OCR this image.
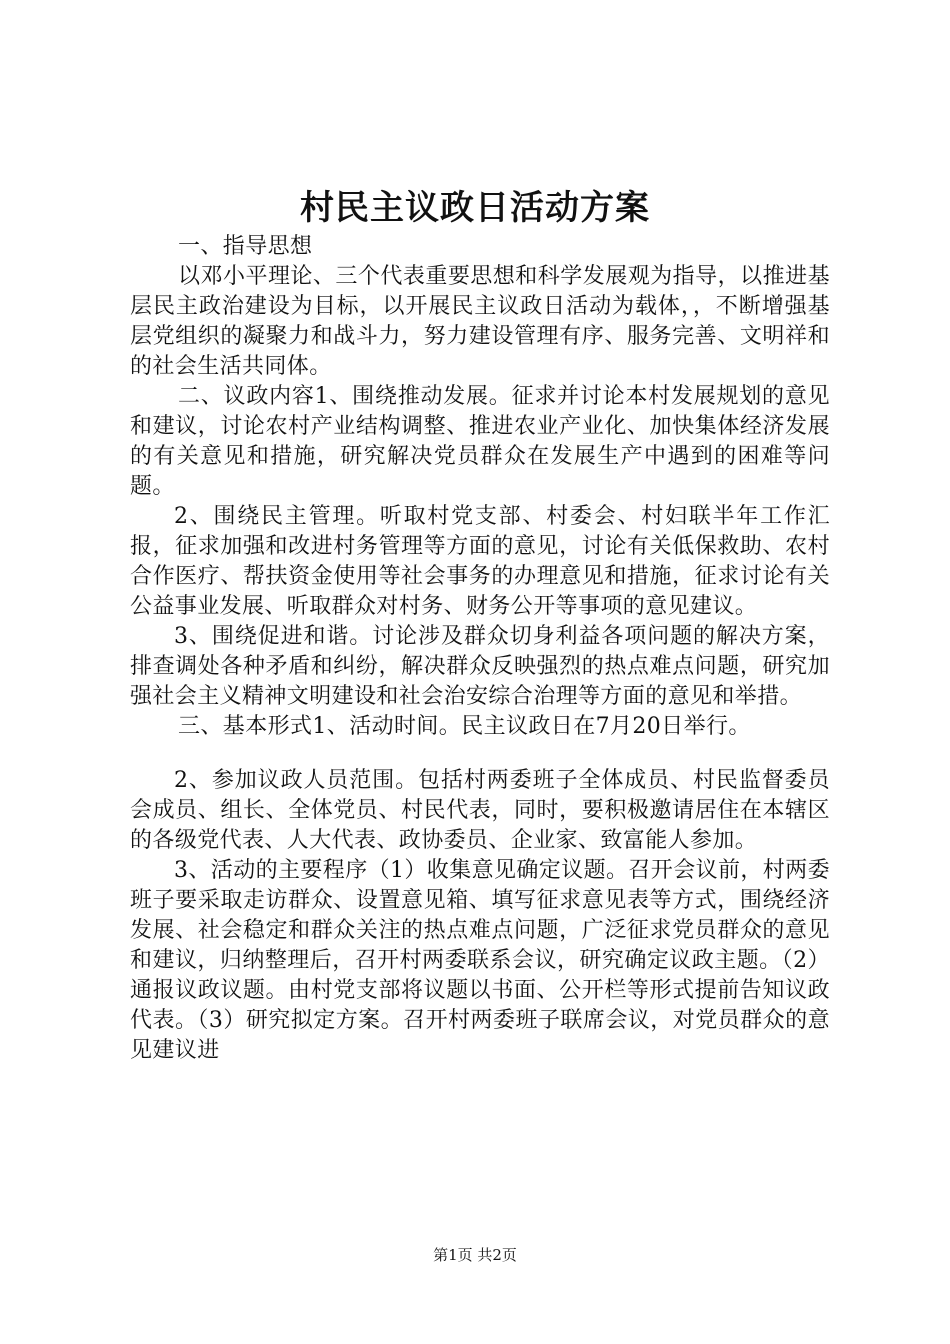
村民主议政日活动方案

一、指导思想

以邓小平理论、三个代表重要思想和科学发展观为指导，以推进基层民主政治建设为目标，以开展民主议政日活动为载体，，不断增强基层党组织的凝聚力和战斗力，努力建设管理有序、服务完善、文明祥和的社会生活共同体。

二、议政内容1、围绕推动发展。征求并讨论本村发展规划的意见和建议，讨论农村产业结构调整、推进农业产业化、加快集体经济发展的有关意见和措施，研究解决党员群众在发展生产中遇到的困难等问题。

2、围绕民主管理。听取村党支部、村委会、村妇联半年工作汇报，征求加强和改进村务管理等方面的意见，讨论有关低保救助、农村合作医疗、帮扶资金使用等社会事务的办理意见和措施，征求讨论有关公益事业发展、听取群众对村务、财务公开等事项的意见建议。

3、围绕促进和谐。讨论涉及群众切身利益各项问题的解决方案，排查调处各种矛盾和纠纷，解决群众反映强烈的热点难点问题，研究加强社会主义精神文明建设和社会治安综合治理等方面的意见和举措。

三、基本形式1、活动时间。民主议政日在7月20日举行。

2、参加议政人员范围。包括村两委班子全体成员、村民监督委员会成员、组长、全体党员、村民代表，同时，要积极邀请居住在本辖区的各级党代表、人大代表、政协委员、企业家、致富能人参加。

3、活动的主要程序（1）收集意见确定议题。召开会议前，村两委班子要采取走访群众、设置意见箱、填写征求意见表等方式，围绕经济发展、社会稳定和群众关注的热点难点问题，广泛征求党员群众的意见和建议，归纳整理后，召开村两委联系会议，研究确定议政主题。（2）通报议政议题。由村党支部将议题以书面、公开栏等形式提前告知议政代表。（3）研究拟定方案。召开村两委班子联席会议，对党员群众的意见建议进

第1页 共2页
